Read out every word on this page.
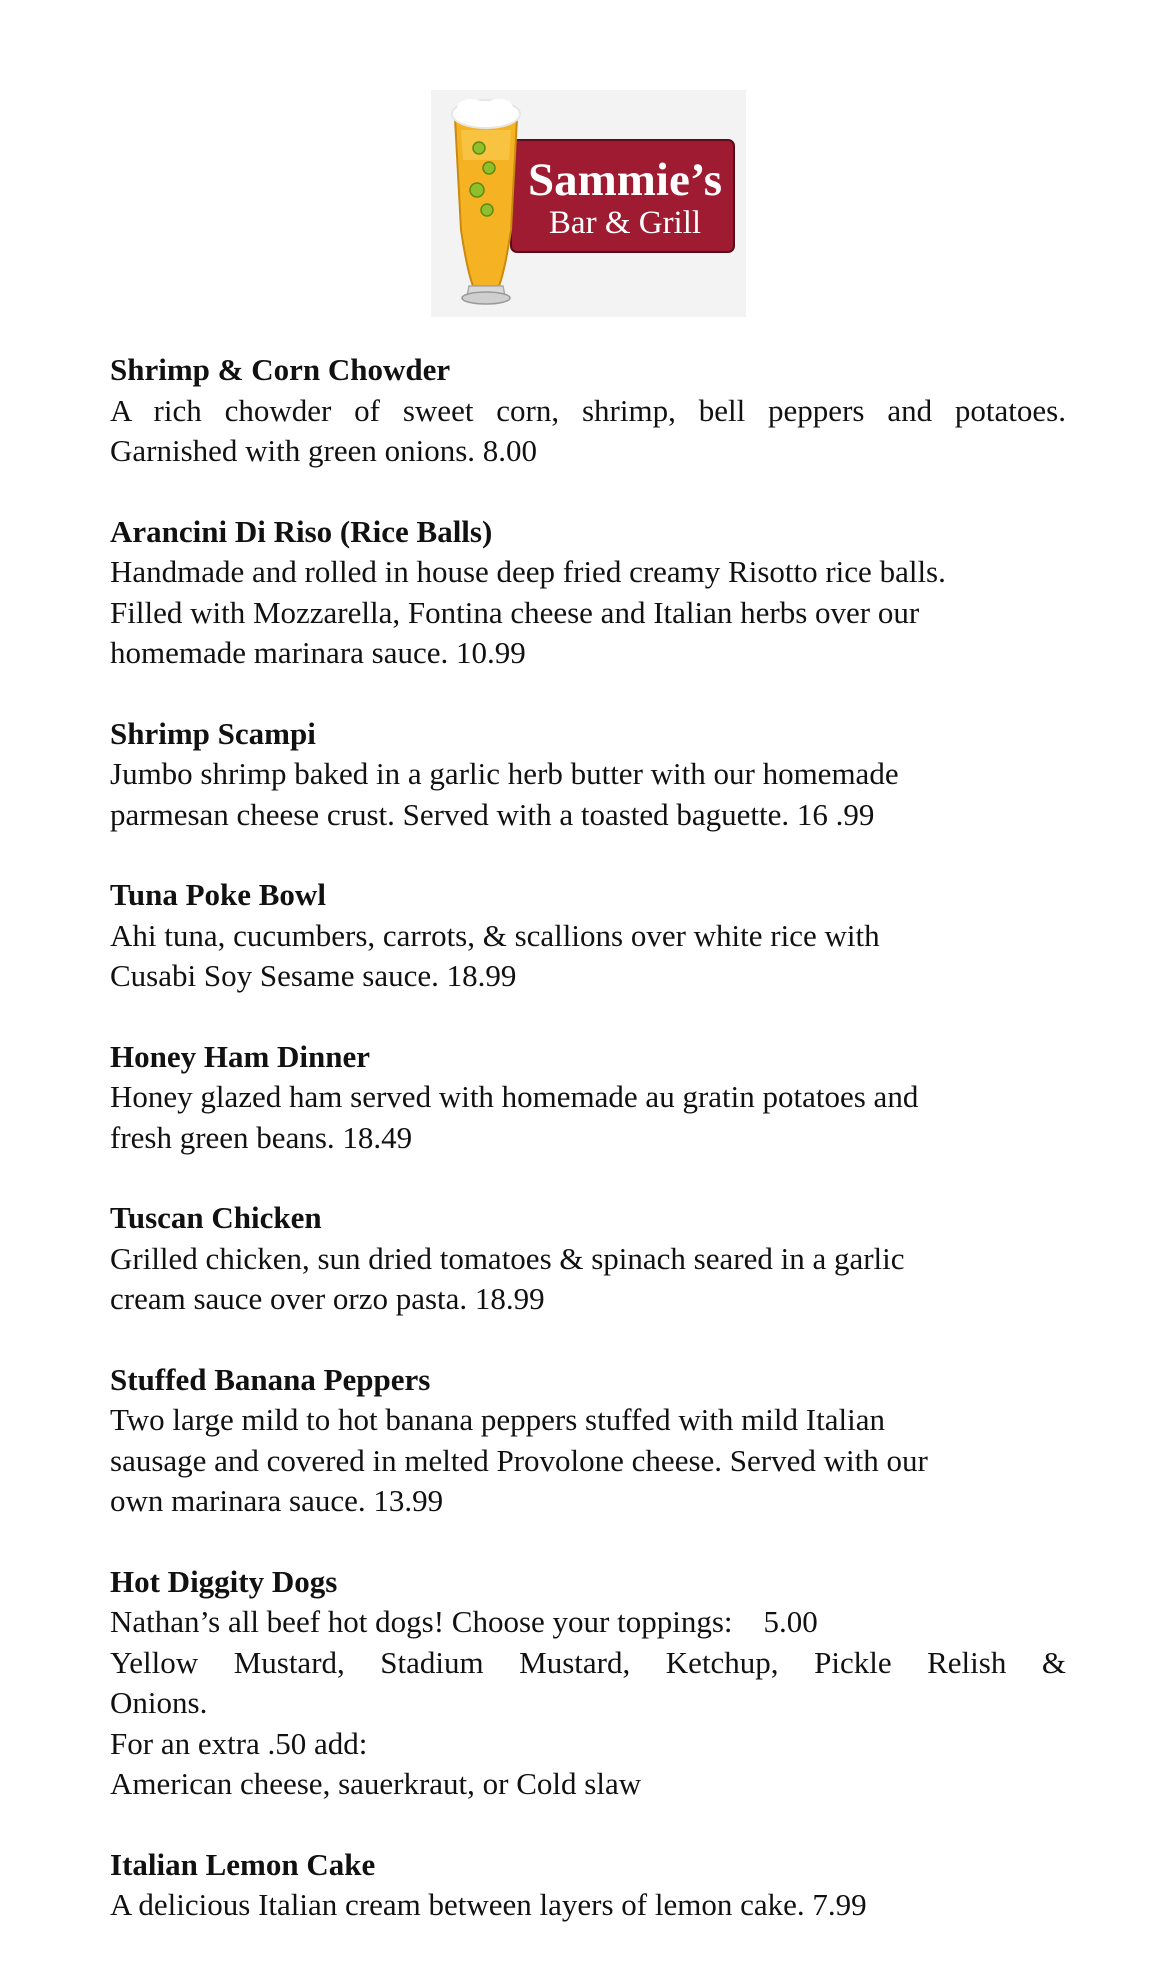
Sammie’s
Bar & Grill
Shrimp & Corn Chowder
A rich chowder of sweet corn, shrimp, bell peppers and potatoes.
Garnished with green onions. 8.00
Arancini Di Riso (Rice Balls)
Handmade and rolled in house deep fried creamy Risotto rice balls.
Filled with Mozzarella, Fontina cheese and Italian herbs over our
homemade marinara sauce. 10.99
Shrimp Scampi
Jumbo shrimp baked in a garlic herb butter with our homemade
parmesan cheese crust. Served with a toasted baguette. 16 .99
Tuna Poke Bowl
Ahi tuna, cucumbers, carrots, & scallions over white rice with
Cusabi Soy Sesame sauce. 18.99
Honey Ham Dinner
Honey glazed ham served with homemade au gratin potatoes and
fresh green beans. 18.49
Tuscan Chicken
Grilled chicken, sun dried tomatoes & spinach seared in a garlic
cream sauce over orzo pasta. 18.99
Stuffed Banana Peppers
Two large mild to hot banana peppers stuffed with mild Italian
sausage and covered in melted Provolone cheese. Served with our
own marinara sauce. 13.99
Hot Diggity Dogs
Nathan’s all beef hot dogs! Choose your toppings:    5.00
Yellow Mustard, Stadium Mustard, Ketchup, Pickle Relish &
Onions.
For an extra .50 add:
American cheese, sauerkraut, or Cold slaw
Italian Lemon Cake
A delicious Italian cream between layers of lemon cake. 7.99
